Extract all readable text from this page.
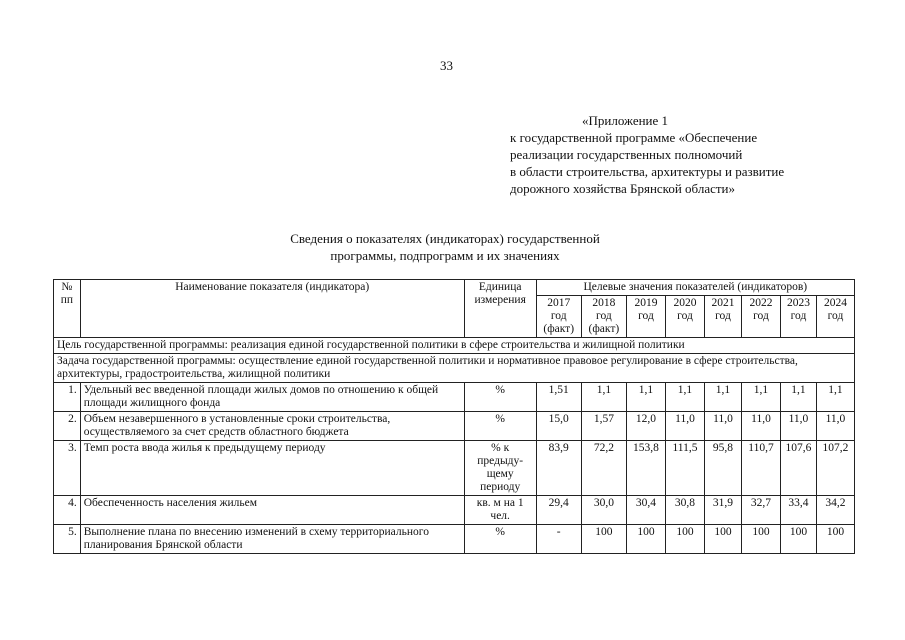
33
«Приложение 1
к государственной программе «Обеспечение
реализации государственных полномочий
в области строительства, архитектуры и развитие
дорожного хозяйства Брянской области»
Сведения о показателях (индикаторах) государственной
программы, подпрограмм и их значениях
№ пп	Наименование показателя (индикатора)	Единица измерения	Целевые значения показателей (индикаторов)							
			2017 год (факт)	2018 год (факт)	2019 год	2020 год	2021 год	2022 год	2023 год	2024 год
Цель государственной программы: реализация единой государственной политики в сфере строительства и жилищной политики										
Задача государственной программы: осуществление единой государственной политики и нормативное правовое регулирование в сфере строительства, архитектуры, градостроительства, жилищной политики										
1.	Удельный вес введенной площади жилых домов по отношению к общей площади жилищного фонда	%	1,51	1,1	1,1	1,1	1,1	1,1	1,1	1,1
2.	Объем незавершенного в установленные сроки строительства, осуществляемого за счет средств областного бюджета	%	15,0	1,57	12,0	11,0	11,0	11,0	11,0	11,0
3.	Темп роста ввода жилья к предыдущему периоду	% к предыду-щему периоду	83,9	72,2	153,8	111,5	95,8	110,7	107,6	107,2
4.	Обеспеченность населения жильем	кв. м на 1 чел.	29,4	30,0	30,4	30,8	31,9	32,7	33,4	34,2
5.	Выполнение плана по внесению изменений в схему территориального планирования Брянской области	%	-	100	100	100	100	100	100	100
